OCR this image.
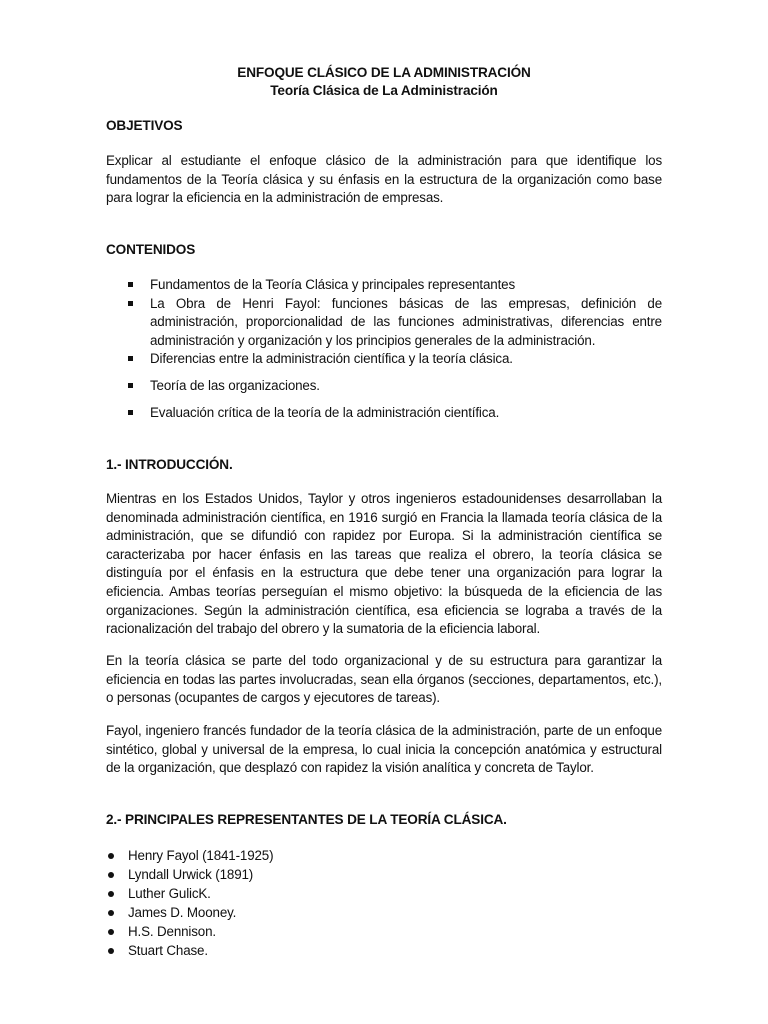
ENFOQUE CLÁSICO DE LA ADMINISTRACIÓN
Teoría Clásica de La Administración
OBJETIVOS

Explicar al estudiante el enfoque clásico de la administración para que identifique los fundamentos de la Teoría clásica y su énfasis en la estructura de la organización como base para lograr la eficiencia en la administración de empresas.

CONTENIDOS
Fundamentos de la Teoría Clásica y principales representantes
La Obra de Henri Fayol: funciones básicas de las empresas, definición de administración, proporcionalidad de las funciones administrativas, diferencias entre administración y organización y los principios generales de la administración.
Diferencias entre la administración científica y la teoría clásica.
Teoría de las organizaciones.
Evaluación crítica de la teoría de la administración científica.
1.- INTRODUCCIÓN.

Mientras en los Estados Unidos, Taylor y otros ingenieros estadounidenses desarrollaban la denominada administración científica, en 1916 surgió en Francia la llamada teoría clásica de la administración, que se difundió con rapidez por Europa. Si la administración científica se caracterizaba por hacer énfasis en las tareas que realiza el obrero, la teoría clásica se distinguía por el énfasis en la estructura que debe tener una organización para lograr la eficiencia. Ambas teorías perseguían el mismo objetivo: la búsqueda de la eficiencia de las organizaciones. Según la administración científica, esa eficiencia se lograba a través de la racionalización del trabajo del obrero y la sumatoria de la eficiencia laboral.

En la teoría clásica se parte del todo organizacional y de su estructura para garantizar la eficiencia en todas las partes involucradas, sean ella órganos (secciones, departamentos, etc.), o personas (ocupantes de cargos y ejecutores de tareas).

Fayol, ingeniero francés fundador de la teoría clásica de la administración, parte de un enfoque sintético, global y universal de la empresa, lo cual inicia la concepción anatómica y estructural de la organización, que desplazó con rapidez la visión analítica y concreta de Taylor.

2.- PRINCIPALES REPRESENTANTES DE LA TEORÍA CLÁSICA.
Henry Fayol (1841-1925)
Lyndall Urwick (1891)
Luther GulicK.
James D. Mooney.
H.S. Dennison.
Stuart Chase.
